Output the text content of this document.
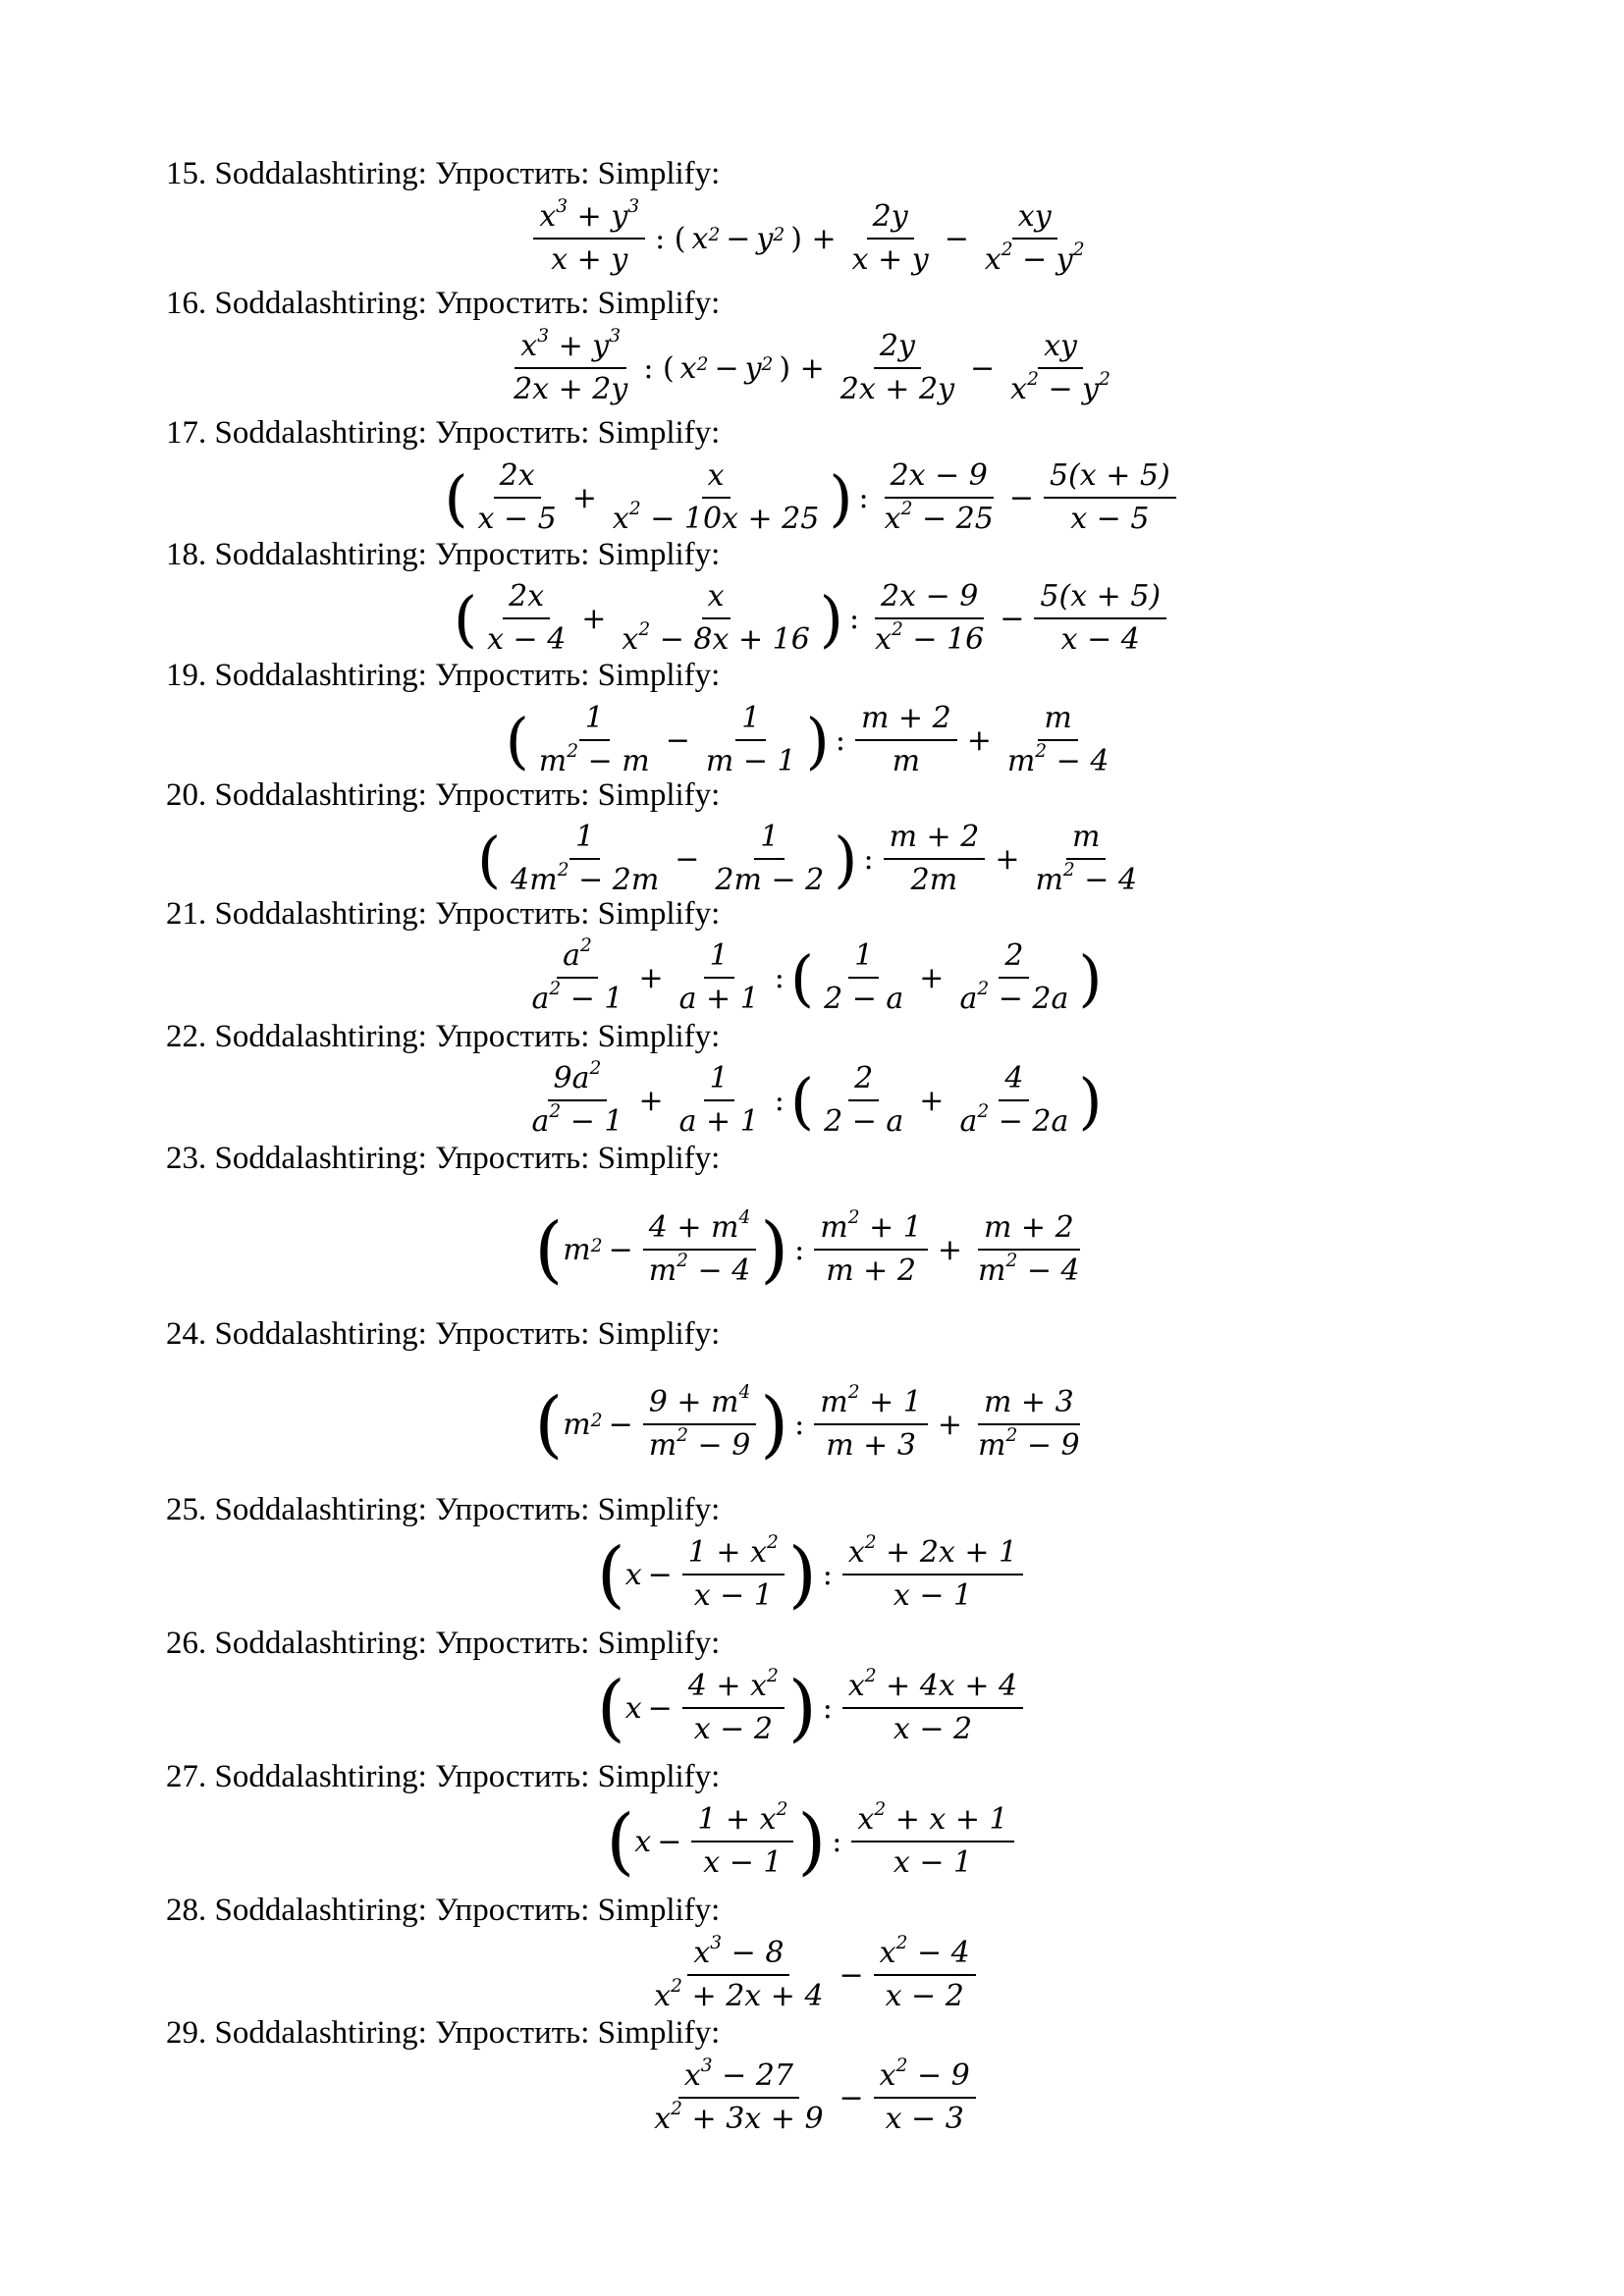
15. Soddalashtiring: Упростить: Simplify:
$\frac{x^3 + y^3}{x + y}$ : ( $x^2 - y^2$ ) + $\frac{2y}{x + y} - \frac{xy}{x^2 - y^2}$
16. Soddalashtiring: Упростить: Simplify:
$\frac{x^3 + y^3}{2x + 2y}$ : ( $x^2 - y^2$ ) + $\frac{2y}{2x + 2y} - \frac{xy}{x^2 - y^2}$
17. Soddalashtiring: Упростить: Simplify:
( $\frac{2x}{x - 5} + \frac{x}{x^2 - 10x + 25}$ ) : $\frac{2x - 9}{x^2 - 25} - \frac{5(x + 5)}{x - 5}$
18. Soddalashtiring: Упростить: Simplify:
( $\frac{2x}{x - 4} + \frac{x}{x^2 - 8x + 16}$ ) : $\frac{2x - 9}{x^2 - 16} - \frac{5(x + 5)}{x - 4}$
19. Soddalashtiring: Упростить: Simplify:
( $\frac{1}{m^2 - m} - \frac{1}{m - 1}$ ) : $\frac{m + 2}{m} + \frac{m}{m^2 - 4}$
20. Soddalashtiring: Упростить: Simplify:
( $\frac{1}{4m^2 - 2m} - \frac{1}{2m - 2}$ ) : $\frac{m + 2}{2m} + \frac{m}{m^2 - 4}$
21. Soddalashtiring: Упростить: Simplify:
$\frac{a^2}{a^2 - 1} + \frac{1}{a + 1}$ : ( $\frac{1}{2 - a} + \frac{2}{a^2 - 2a}$ )
22. Soddalashtiring: Упростить: Simplify:
$\frac{9a^2}{a^2 - 1} + \frac{1}{a + 1}$ : ( $\frac{2}{2 - a} + \frac{4}{a^2 - 2a}$ )
23. Soddalashtiring: Упростить: Simplify:
( $m^2 - \frac{4 + m^4}{m^2 - 4}$ ) : $\frac{m^2 + 1}{m + 2} + \frac{m + 2}{m^2 - 4}$
24. Soddalashtiring: Упростить: Simplify:
( $m^2 - \frac{9 + m^4}{m^2 - 9}$ ) : $\frac{m^2 + 1}{m + 3} + \frac{m + 3}{m^2 - 9}$
25. Soddalashtiring: Упростить: Simplify:
( $x - \frac{1 + x^2}{x - 1}$ ) : $\frac{x^2 + 2x + 1}{x - 1}$
26. Soddalashtiring: Упростить: Simplify:
( $x - \frac{4 + x^2}{x - 2}$ ) : $\frac{x^2 + 4x + 4}{x - 2}$
27. Soddalashtiring: Упростить: Simplify:
( $x - \frac{1 + x^2}{x - 1}$ ) : $\frac{x^2 + x + 1}{x - 1}$
28. Soddalashtiring: Упростить: Simplify:
$\frac{x^3 - 8}{x^2 + 2x + 4} - \frac{x^2 - 4}{x - 2}$
29. Soddalashtiring: Упростить: Simplify:
$\frac{x^3 - 27}{x^2 + 3x + 9} - \frac{x^2 - 9}{x - 3}$
